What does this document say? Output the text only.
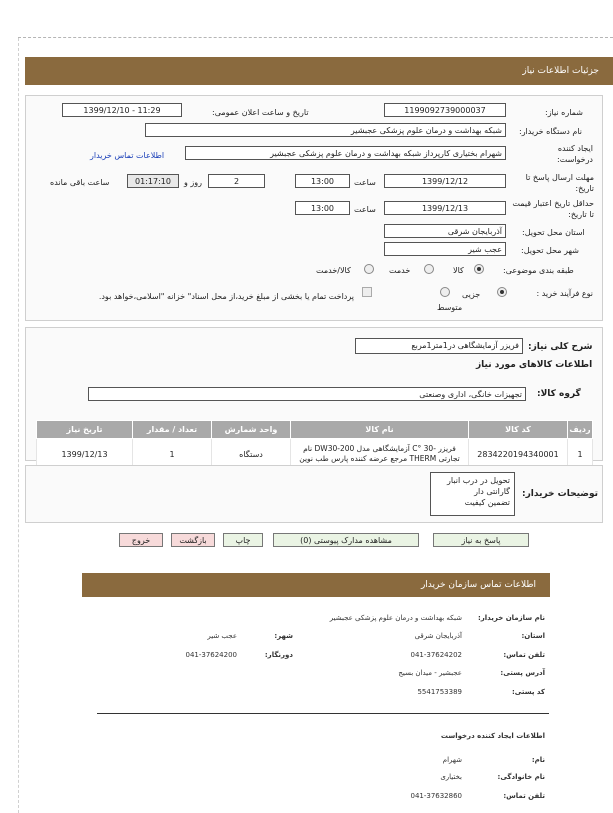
جزئیات اطلاعات نیاز
شماره نیاز:
1199092739000037
تاریخ و ساعت اعلان عمومی:
1399/12/10 - 11:29
نام دستگاه خریدار:
شبکه بهداشت و درمان علوم پزشکی عجبشیر
ایجاد کننده درخواست:
شهرام بختیاری کارپرداز شبکه بهداشت و درمان علوم پزشکی عجبشیر
اطلاعات تماس خریدار
مهلت ارسال پاسخ تا تاریخ:
1399/12/12
ساعت
13:00
2
روز و
01:17:10
ساعت باقی مانده
حداقل تاریخ اعتبار قیمت تا تاریخ:
1399/12/13
ساعت
13:00
استان محل تحویل:
آذربایجان شرقی
شهر محل تحویل:
عجب شیر
طبقه بندی موضوعی:
کالا
خدمت
کالا/خدمت
نوع فرآیند خرید :
جزیی
متوسط
پرداخت تمام یا بخشی از مبلغ خرید،از محل اسناد" خزانه "اسلامی،خواهد بود.
شرح کلی نیاز:
فریزر آزمایشگاهی در1متر1مربع
اطلاعات کالاهای مورد نیاز
گروه کالا:
تجهیزات خانگی، اداری وصنعتی
ردیف	کد کالا	نام کالا	واحد شمارش	تعداد / مقدار	تاریخ نیاز
1	2834220194340001	فریزر -30 °C آزمایشگاهی مدل DW30-200 نام تجارتی THERM مرجع عرضه کننده پارس طب نوین	دستگاه	1	1399/12/13
توضیحات خریدار:
تحویل در درب انبار
گارانتی دار
تضمین کیفیت
پاسخ به نیاز
مشاهده مدارک پیوستی (0)
چاپ
بازگشت
خروج
اطلاعات تماس سازمان خریدار
نام سازمان خریدار:
شبکه بهداشت و درمان علوم پزشکی عجبشیر
استان:
آذربایجان شرقی
شهر:
عجب شیر
تلفن تماس:
041-37624202
دورنگار:
041-37624200
آدرس پستی:
عجبشیر - میدان بسیج
کد پستی:
5541753389
اطلاعات ایجاد کننده درخواست
نام:
شهرام
نام خانوادگی:
بختیاری
تلفن تماس:
041-37632860
